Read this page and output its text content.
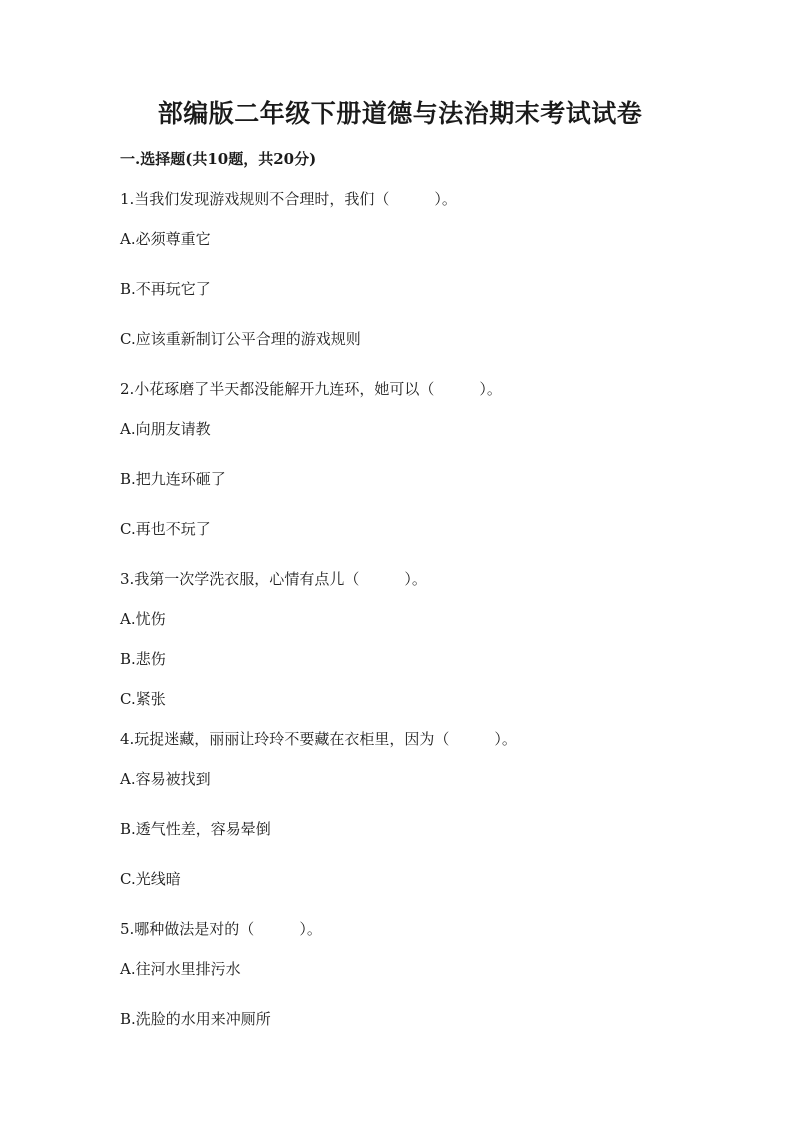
部编版二年级下册道德与法治期末考试试卷
一.选择题(共10题，共20分)
1.当我们发现游戏规则不合理时，我们（　　　）。
A.必须尊重它
B.不再玩它了
C.应该重新制订公平合理的游戏规则
2.小花琢磨了半天都没能解开九连环，她可以（　　　）。
A.向朋友请教
B.把九连环砸了
C.再也不玩了
3.我第一次学洗衣服，心情有点儿（　　　）。
A.忧伤
B.悲伤
C.紧张
4.玩捉迷藏，丽丽让玲玲不要藏在衣柜里，因为（　　　）。
A.容易被找到
B.透气性差，容易晕倒
C.光线暗
5.哪种做法是对的（　　　）。
A.往河水里排污水
B.洗脸的水用来冲厕所
